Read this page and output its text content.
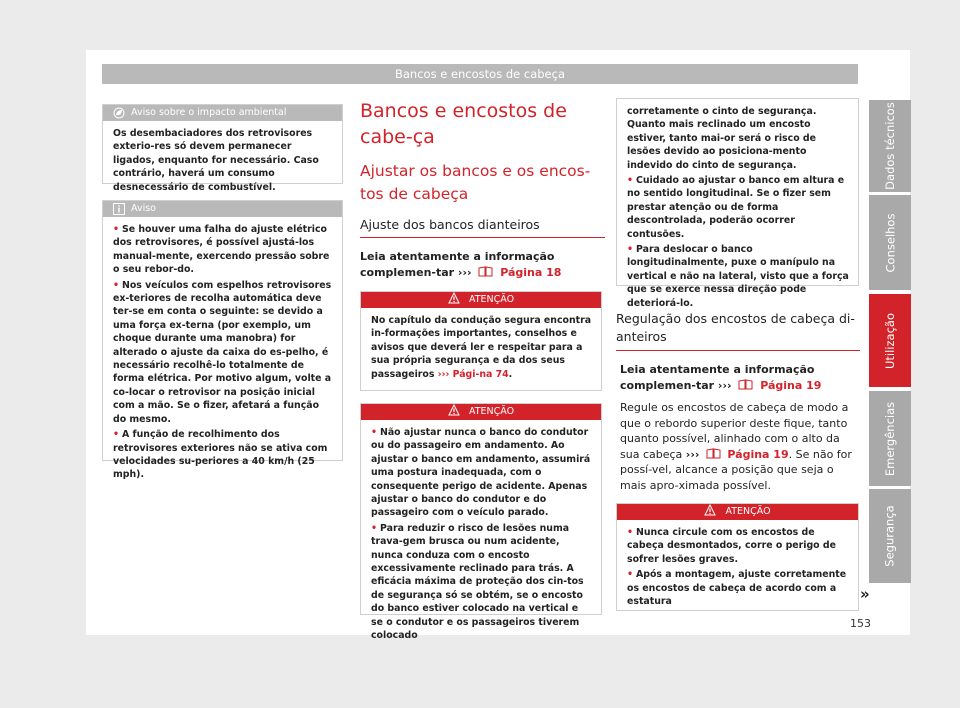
Bancos e encostos de cabeça
Dados técnicos
Conselhos
Utilização
Emergências
Segurança
Aviso sobre o impacto ambiental

Os desembaciadores dos retrovisores exterio-res só devem permanecer ligados, enquanto for necessário. Caso contrário, haverá um consumo desnecessário de combustível.

Aviso
• Se houver uma falha do ajuste elétrico dos retrovisores, é possível ajustá-los manual-mente, exercendo pressão sobre o seu rebor-do.
• Nos veículos com espelhos retrovisores ex-teriores de recolha automática deve ter-se em conta o seguinte: se devido a uma força ex-terna (por exemplo, um choque durante uma manobra) for alterado o ajuste da caixa do es-pelho, é necessário recolhê-lo totalmente de forma elétrica. Por motivo algum, volte a co-locar o retrovisor na posição inicial com a mão. Se o fizer, afetará a função do mesmo.
• A função de recolhimento dos retrovisores exteriores não se ativa com velocidades su-periores a 40 km/h (25 mph).
Bancos e encostos de cabe-ça
Ajustar os bancos e os encos-tos de cabeça
Ajuste dos bancos dianteiros
Leia atentamente a informação complemen-tar ›››	Página 18
ATENÇÃO
No capítulo da condução segura encontra in-formações importantes, conselhos e avisos que deverá ler e respeitar para a sua própria segurança e da dos seus passageiros ››› Pági-na 74.
ATENÇÃO
• Não ajustar nunca o banco do condutor ou do passageiro em andamento. Ao ajustar o banco em andamento, assumirá uma postura inadequada, com o consequente perigo de acidente. Apenas ajustar o banco do condutor e do passageiro com o veículo parado.
• Para reduzir o risco de lesões numa trava-gem brusca ou num acidente, nunca conduza com o encosto excessivamente reclinado para trás. A eficácia máxima de proteção dos cin-tos de segurança só se obtém, se o encosto do banco estiver colocado na vertical e se o condutor e os passageiros tiverem colocado
corretamente o cinto de segurança. Quanto mais reclinado um encosto estiver, tanto mai-or será o risco de lesões devido ao posiciona-mento indevido do cinto de segurança.
• Cuidado ao ajustar o banco em altura e no sentido longitudinal. Se o fizer sem prestar atenção ou de forma descontrolada, poderão ocorrer contusões.
• Para deslocar o banco longitudinalmente, puxe o manípulo na vertical e não na lateral, visto que a força que se exerce nessa direção pode deteriorá-lo.
Regulação dos encostos de cabeça di-anteiros
Leia atentamente a informação complemen-tar ›››	Página 19
Regule os encostos de cabeça de modo a que o rebordo superior deste fique, tanto quanto possível, alinhado com o alto da sua cabeça ›››	Página 19. Se não for possí-vel, alcance a posição que seja o mais apro-ximada possível.
ATENÇÃO
• Nunca circule com os encostos de cabeça desmontados, corre o perigo de sofrer lesões graves.
• Após a montagem, ajuste corretamente os encostos de cabeça de acordo com a estatura	»
153
